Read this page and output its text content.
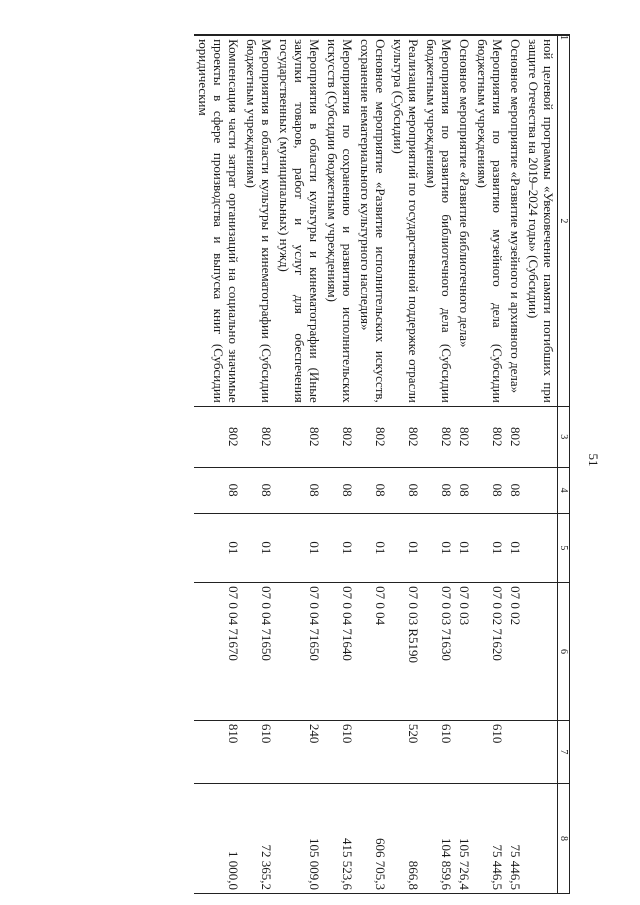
51
1	2	3	4	5	6	7	8
	ной целевой программы «Увековечение памяти погибших при защите Отечества на 2019–2024 годы» (Субсидии)						
	Основное мероприятие «Развитие музейного и архивного дела»	802	08	01	07 0 02		75 446,5
	Мероприятия по развитию музейного дела (Субсидии бюджетным учреждениям)	802	08	01	07 0 02 71620	610	75 446,5
	Основное мероприятие «Развитие библиотечного дела»	802	08	01	07 0 03		105 726,4
	Мероприятия по развитию библиотечного дела (Субсидии бюджетным учреждениям)	802	08	01	07 0 03 71630	610	104 859,6
	Реализация мероприятий по государственной поддержке отрасли культура (Субсидии)	802	08	01	07 0 03 R5190	520	866,8
	Основное мероприятие «Развитие исполнительских искусств, сохранение нематериального культурного наследия»	802	08	01	07 0 04		606 705,3
	Мероприятия по сохранению и развитию исполнительских искусств (Субсидии бюджетным учреждениям)	802	08	01	07 0 04 71640	610	415 523,6
	Мероприятия в области культуры и кинематографии (Иные закупки товаров, работ и услуг для обеспечения государственных (муниципальных) нужд)	802	08	01	07 0 04 71650	240	105 009,0
	Мероприятия в области культуры и кинематографии (Субсидии бюджетным учреждениям)	802	08	01	07 0 04 71650	610	72 365,2
	Компенсация части затрат организаций на социально значимые проекты в сфере производства и выпуска книг (Субсидии юридическим	802	08	01	07 0 04 71670	810	1 000,0
